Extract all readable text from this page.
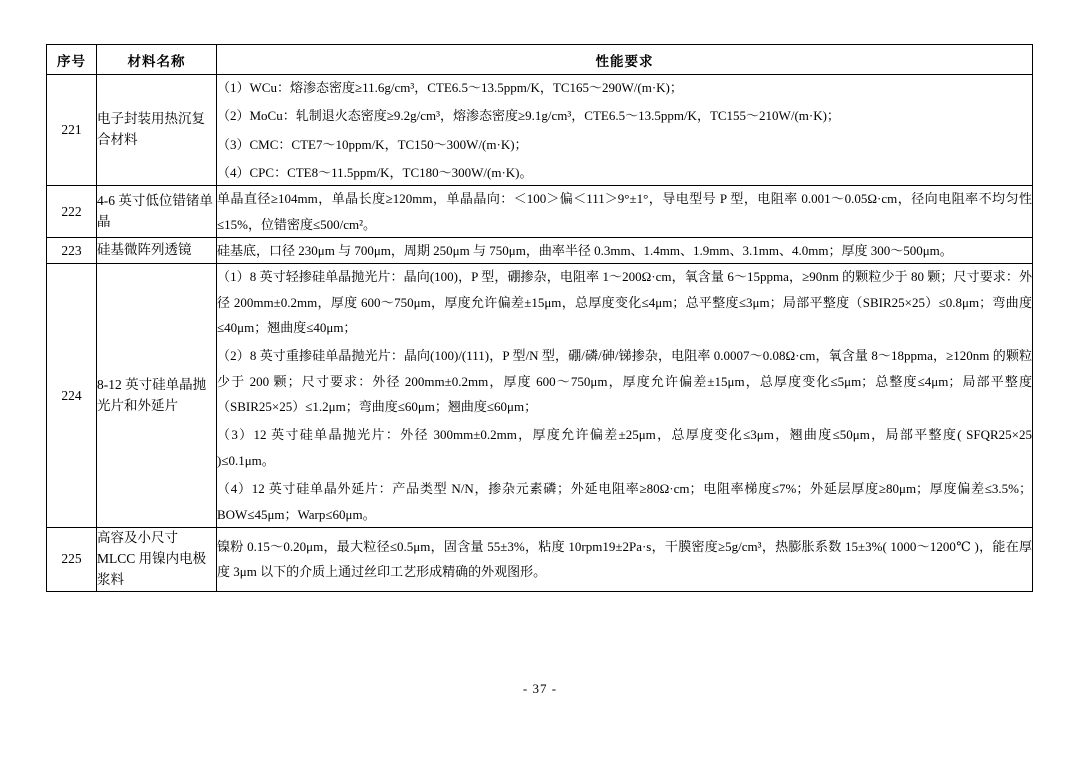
序号	材料名称	性能要求
221	电子封装用热沉复合材料	（1）WCu：熔渗态密度≥11.6g/cm³，CTE6.5～13.5ppm/K，TC165～290W/(m·K)；

（2）MoCu：轧制退火态密度≥9.2g/cm³，熔渗态密度≥9.1g/cm³，CTE6.5～13.5ppm/K，TC155～210W/(m·K)；

（3）CMC：CTE7～10ppm/K，TC150～300W/(m·K)；

（4）CPC：CTE8～11.5ppm/K，TC180～300W/(m·K)。

222	4-6 英寸低位错锗单晶	单晶直径≥104mm，单晶长度≥120mm，单晶晶向：＜100＞偏＜111＞9°±1°，导电型号 P 型，电阻率 0.001～0.05Ω·cm，径向电阻率不均匀性≤15%，位错密度≤500/cm²。

223	硅基微阵列透镜	硅基底，口径 230μm 与 700μm，周期 250μm 与 750μm，曲率半径 0.3mm、1.4mm、1.9mm、3.1mm、4.0mm；厚度 300～500μm。

224	8-12 英寸硅单晶抛光片和外延片	（1）8 英寸轻掺硅单晶抛光片：晶向(100)，P 型，硼掺杂，电阻率 1～200Ω·cm，氧含量 6～15ppma，≥90nm 的颗粒少于 80 颗；尺寸要求：外径 200mm±0.2mm，厚度 600～750μm，厚度允许偏差±15μm，总厚度变化≤4μm；总平整度≤3μm；局部平整度（SBIR25×25）≤0.8μm；弯曲度≤40μm；翘曲度≤40μm；

（2）8 英寸重掺硅单晶抛光片：晶向(100)/(111)，P 型/N 型，硼/磷/砷/锑掺杂，电阻率 0.0007～0.08Ω·cm，氧含量 8～18ppma，≥120nm 的颗粒少于 200 颗；尺寸要求：外径 200mm±0.2mm，厚度 600～750μm，厚度允许偏差±15μm，总厚度变化≤5μm；总整度≤4μm；局部平整度（SBIR25×25）≤1.2μm；弯曲度≤60μm；翘曲度≤60μm；

（3）12 英寸硅单晶抛光片：外径 300mm±0.2mm，厚度允许偏差±25μm，总厚度变化≤3μm，翘曲度≤50μm，局部平整度( SFQR25×25 )≤0.1μm。

（4）12 英寸硅单晶外延片：产品类型 N/N，掺杂元素磷；外延电阻率≥80Ω·cm；电阻率梯度≤7%；外延层厚度≥80μm；厚度偏差≤3.5%；BOW≤45μm；Warp≤60μm。

225	高容及小尺寸MLCC 用镍内电极浆料	镍粉 0.15～0.20μm，最大粒径≤0.5μm，固含量 55±3%，粘度 10rpm19±2Pa·s，干膜密度≥5g/cm³，热膨胀系数 15±3%( 1000～1200℃ )，能在厚度 3μm 以下的介质上通过丝印工艺形成精确的外观图形。

- 37 -
